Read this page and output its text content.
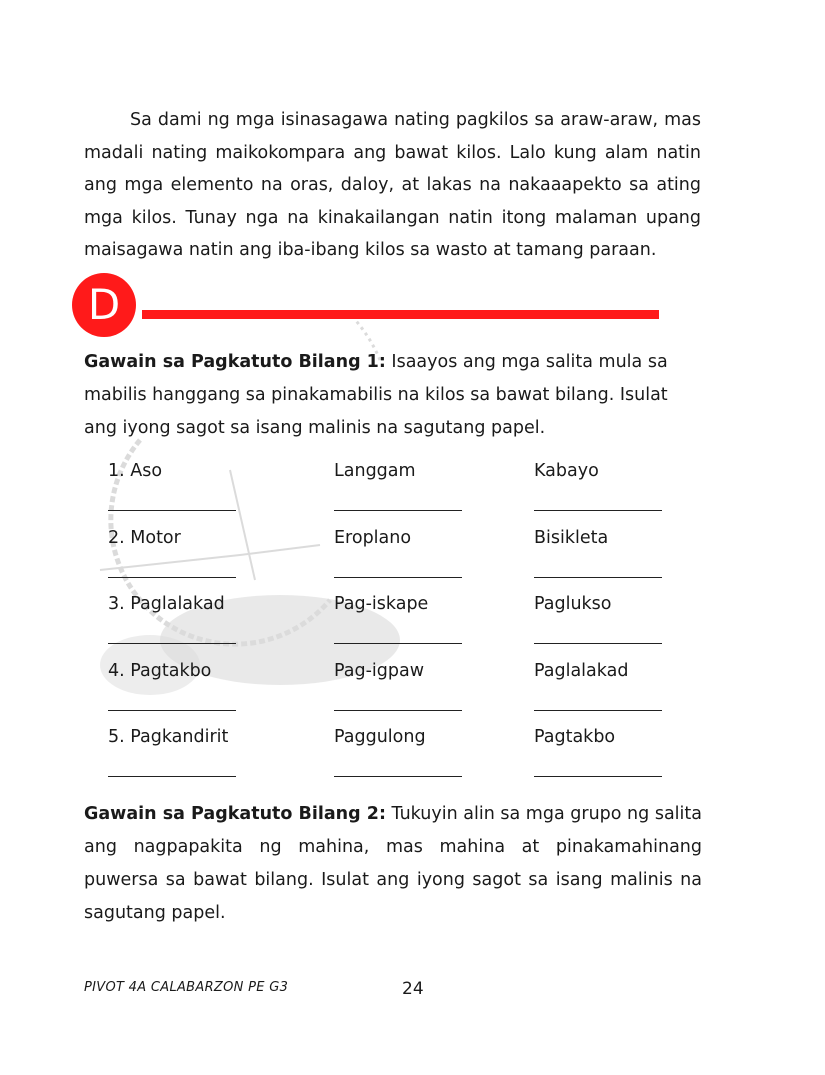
Sa dami ng mga isinasagawa nating pagkilos sa araw-araw, mas madali nating maikokompara ang bawat kilos. Lalo kung alam natin ang mga elemento na oras, daloy, at lakas na nakaaapekto sa ating mga kilos. Tunay nga na kinakailangan natin itong malaman upang maisagawa natin ang iba-ibang kilos sa wasto at tamang paraan.

D

Gawain sa Pagkatuto Bilang 1: Isaayos ang mga salita mula sa mabilis hanggang sa pinakamabilis na kilos sa bawat bilang. Isulat ang iyong sagot sa isang malinis na sagutang papel.

1. Aso	Langgam	Kabayo
2. Motor	Eroplano	Bisikleta
3. Paglalakad	Pag-iskape	Paglukso
4. Pagtakbo	Pag-igpaw	Paglalakad
5. Pagkandirit	Paggulong	Pagtakbo

Gawain sa Pagkatuto Bilang 2: Tukuyin alin sa mga grupo ng salita ang nagpapakita ng mahina, mas mahina at pinakamahinang puwersa sa bawat bilang. Isulat ang iyong sagot sa isang malinis na sagutang papel.

PIVOT 4A CALABARZON PE G3	24
